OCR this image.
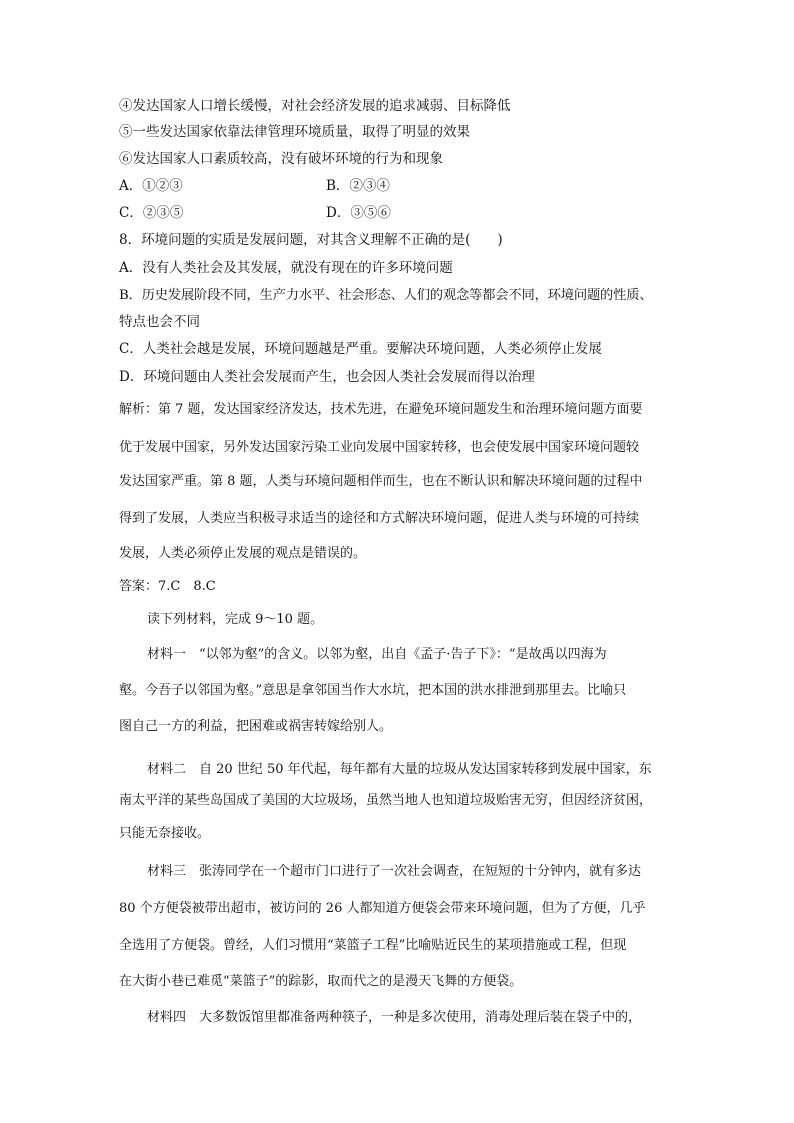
④发达国家人口增长缓慢，对社会经济发展的追求减弱、目标降低
⑤一些发达国家依靠法律管理环境质量，取得了明显的效果
⑥发达国家人口素质较高，没有破坏环境的行为和现象
A．①②③	B．②③④
C．②③⑤	D．③⑤⑥
8．环境问题的实质是发展问题，对其含义理解不正确的是(　　)
A．没有人类社会及其发展，就没有现在的许多环境问题
B．历史发展阶段不同，生产力水平、社会形态、人们的观念等都会不同，环境问题的性质、
特点也会不同
C．人类社会越是发展，环境问题越是严重。要解决环境问题，人类必须停止发展
D．环境问题由人类社会发展而产生，也会因人类社会发展而得以治理
解析：第 7 题，发达国家经济发达，技术先进，在避免环境问题发生和治理环境问题方面要
优于发展中国家，另外发达国家污染工业向发展中国家转移，也会使发展中国家环境问题较
发达国家严重。第 8 题，人类与环境问题相伴而生，也在不断认识和解决环境问题的过程中
得到了发展，人类应当积极寻求适当的途径和方式解决环境问题，促进人类与环境的可持续
发展，人类必须停止发展的观点是错误的。
答案：7.C　8.C
读下列材料，完成 9～10 题。
材料一　“以邻为壑”的含义。以邻为壑，出自《孟子·告子下》：“是故禹以四海为
壑。今吾子以邻国为壑。”意思是拿邻国当作大水坑，把本国的洪水排泄到那里去。比喻只
图自己一方的利益，把困难或祸害转嫁给别人。
材料二　自 20 世纪 50 年代起，每年都有大量的垃圾从发达国家转移到发展中国家，东
南太平洋的某些岛国成了美国的大垃圾场，虽然当地人也知道垃圾贻害无穷，但因经济贫困，
只能无奈接收。
材料三　张涛同学在一个超市门口进行了一次社会调查，在短短的十分钟内，就有多达
80 个方便袋被带出超市，被访问的 26 人都知道方便袋会带来环境问题，但为了方便，几乎
全选用了方便袋。曾经，人们习惯用“菜篮子工程”比喻贴近民生的某项措施或工程，但现
在大街小巷已难觅“菜篮子”的踪影，取而代之的是漫天飞舞的方便袋。
材料四　大多数饭馆里都准备两种筷子，一种是多次使用，消毒处理后装在袋子中的，
